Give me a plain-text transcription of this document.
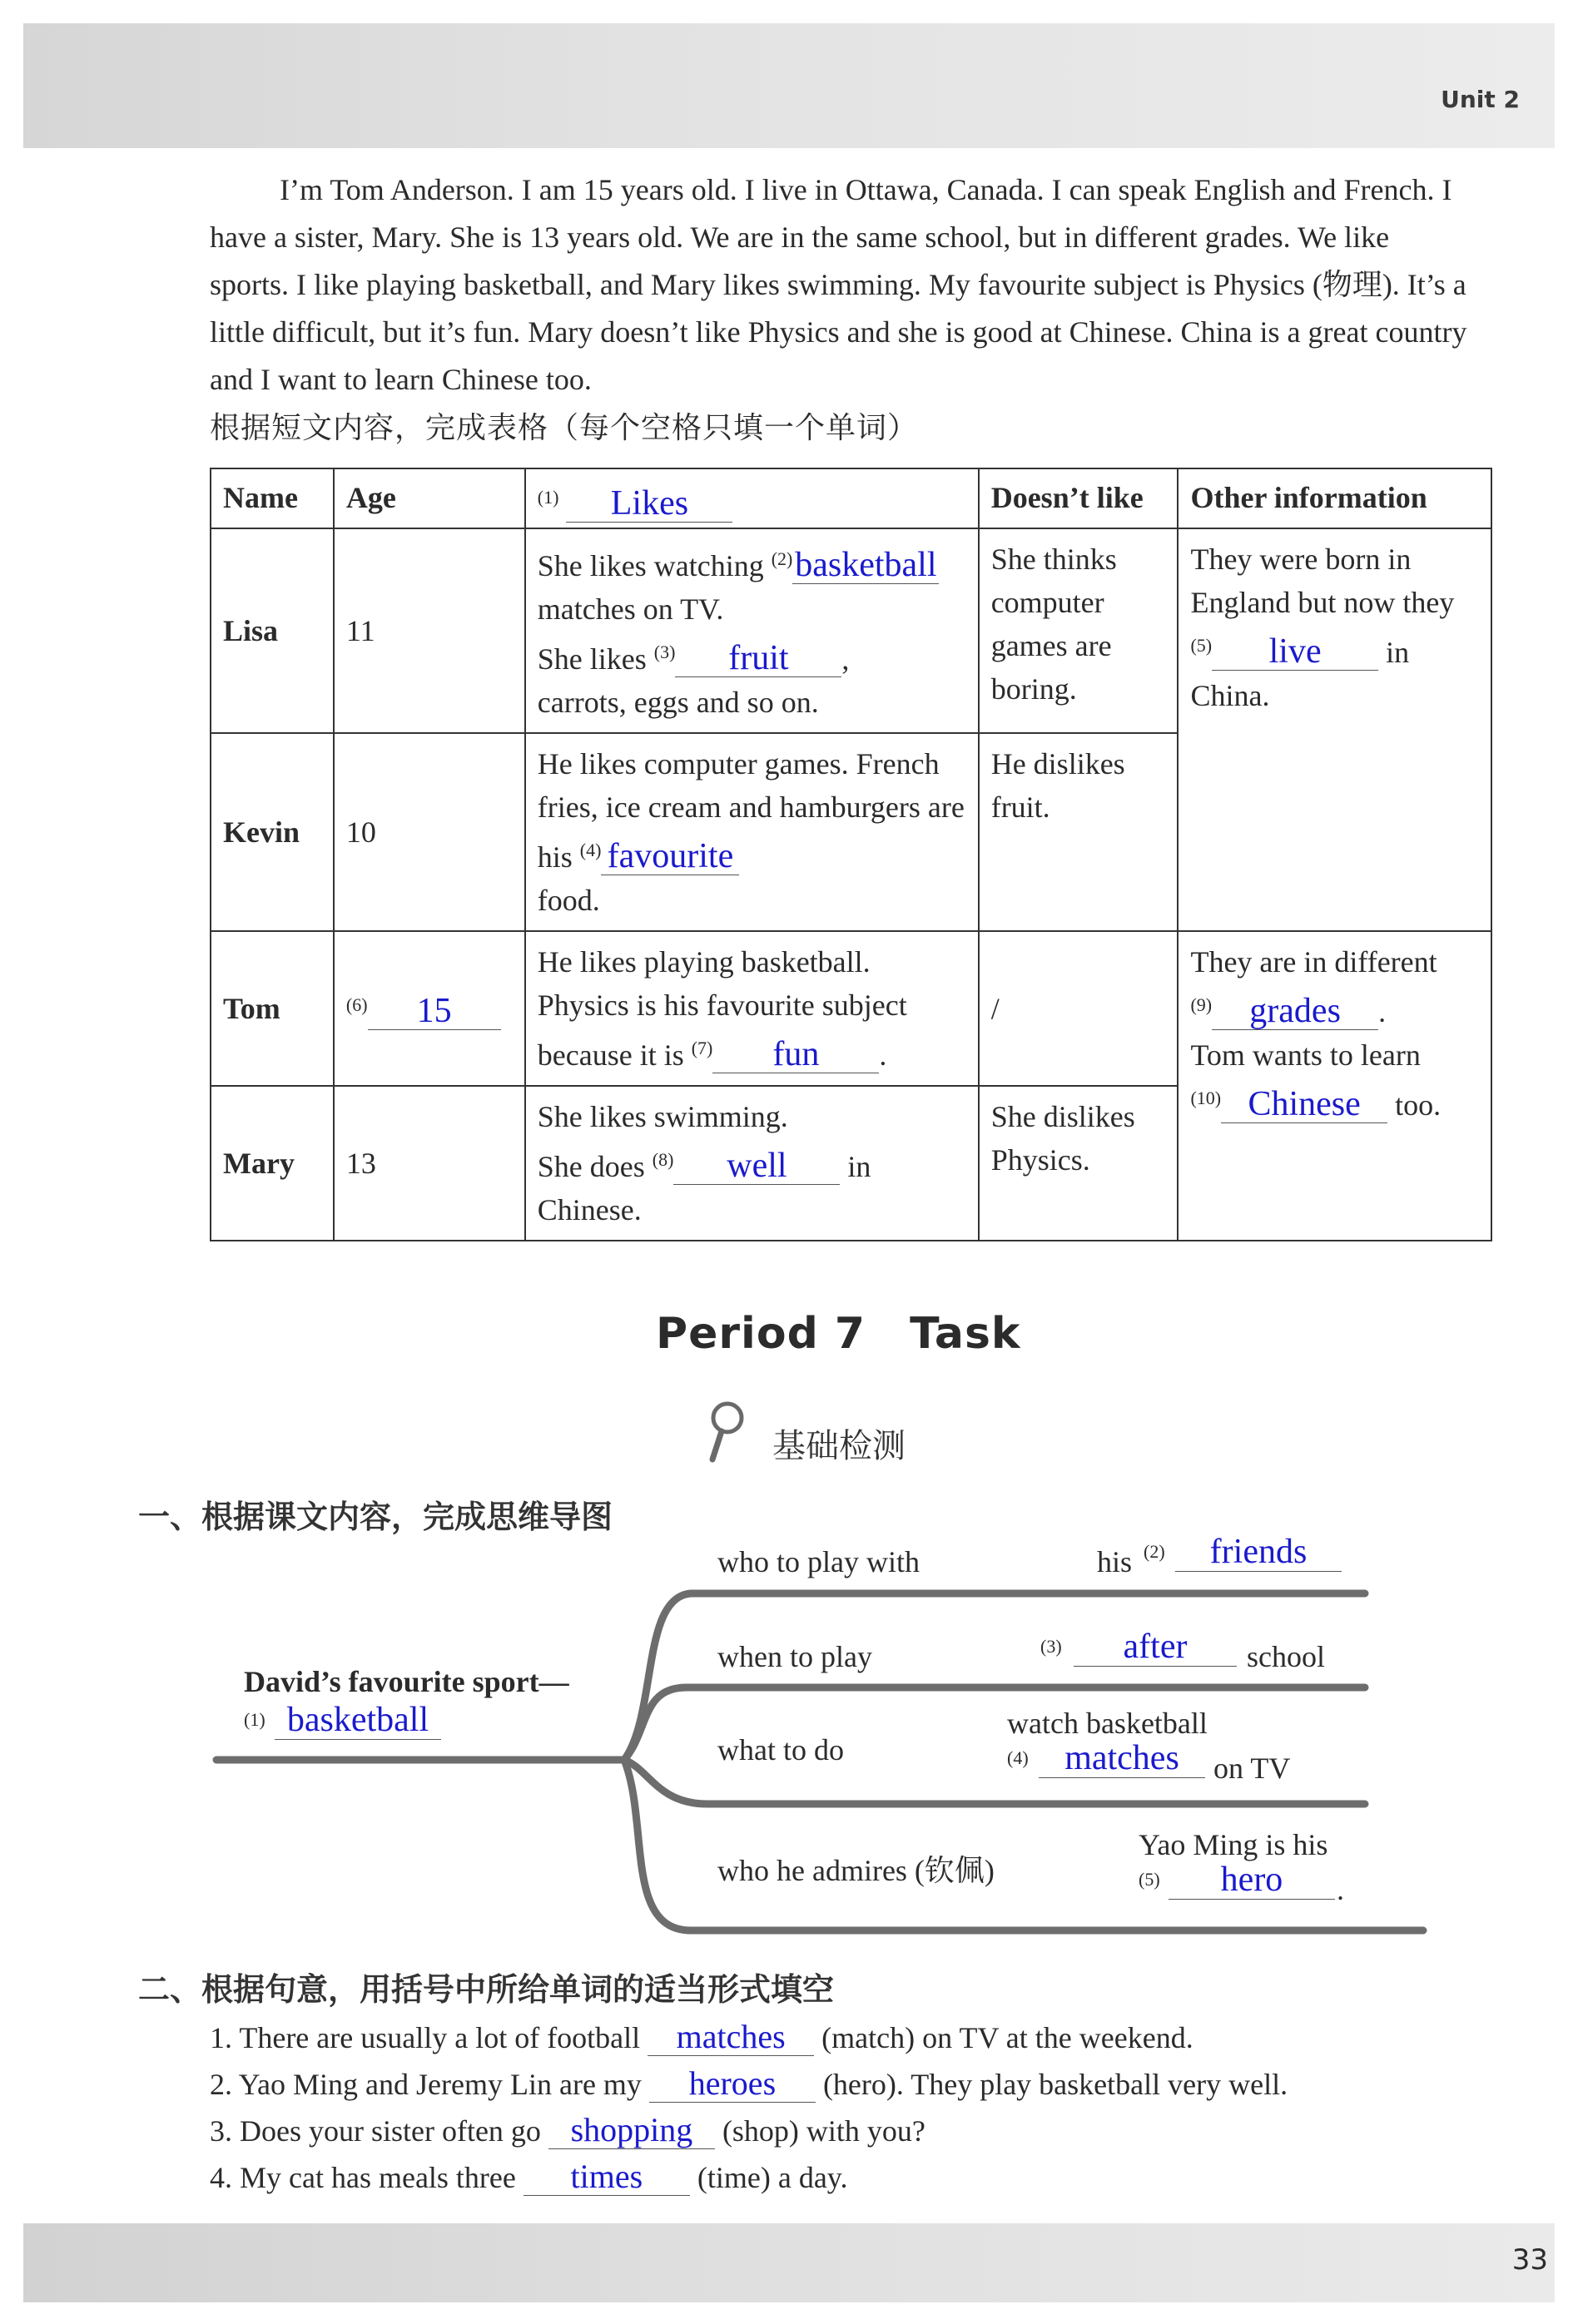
Unit 2

I’m Tom Anderson. I am 15 years old. I live in Ottawa, Canada. I can speak English and French. I have a sister, Mary. She is 13 years old. We are in the same school, but in different grades. We like sports. I like playing basketball, and Mary likes swimming. My favourite subject is Physics (物理). It’s a little difficult, but it’s fun. Mary doesn’t like Physics and she is good at Chinese. China is a great country and I want to learn Chinese too.

根据短文内容，完成表格（每个空格只填一个单词）
Name	Age	$^{(1)}$ Likes	Doesn’t like	Other information
Lisa	11	She likes watching $^{(2)}$basketball
matches on TV.
She likes $^{(3)}$ fruit ,
carrots, eggs and so on.	She thinks computer games are boring.	They were born in England but now they $^{(5)}$ live in China.
Kevin	10	He likes computer games. French fries, ice cream and hamburgers are his $^{(4)}$ favourite
food.	He dislikes fruit.	
Tom	$^{(6)}$ 15	He likes playing basketball. Physics is his favourite subject because it is $^{(7)}$ fun .	/	They are in different
$^{(9)}$ grades .
Tom wants to learn
$^{(10)}$ Chinese too.
Mary	13	She likes swimming.
She does $^{(8)}$ well in Chinese.	She dislikes Physics.	
Period 7　Task
基础检测
一、根据课文内容，完成思维导图
David’s favourite sport—
(1) basketball
who to play with	his (2)	friends
when to play	(3)	after	school
what to do
watch basketball
(4)	matches	on TV
who he admires (钦佩)
Yao Ming is his
(5)	hero	.
二、根据句意，用括号中所给单词的适当形式填空
1. There are usually a lot of football matches (match) on TV at the weekend.
2. Yao Ming and Jeremy Lin are my heroes (hero). They play basketball very well.
3. Does your sister often go shopping (shop) with you?
4. My cat has meals three times (time) a day.
33
